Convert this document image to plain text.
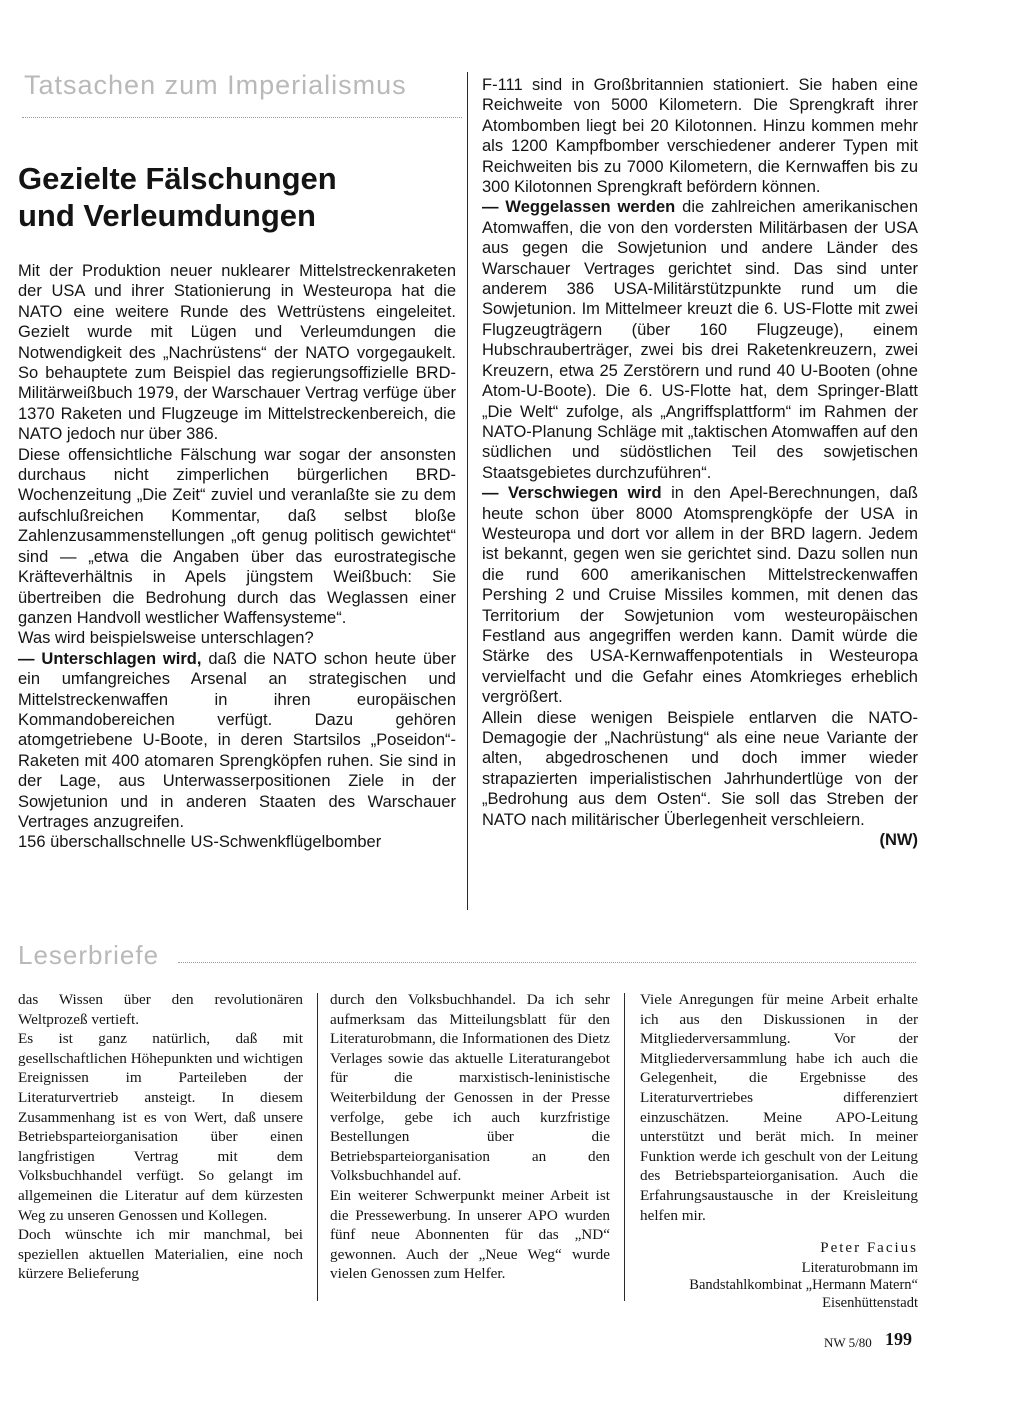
Tatsachen zum Imperialismus
Gezielte Fälschungen
und Verleumdungen

Mit der Produktion neuer nuklearer Mittelstreckenraketen der USA und ihrer Stationierung in Westeuropa hat die NATO eine weitere Runde des Wettrüstens eingeleitet. Gezielt wurde mit Lügen und Verleumdungen die Notwendigkeit des „Nachrüstens“ der NATO vorgegaukelt. So behauptete zum Beispiel das regierungsoffizielle BRD-Militärweißbuch 1979, der Warschauer Vertrag verfüge über 1370 Raketen und Flugzeuge im Mittelstreckenbereich, die NATO jedoch nur über 386.

Diese offensichtliche Fälschung war sogar der ansonsten durchaus nicht zimperlichen bürgerlichen BRD-Wochenzeitung „Die Zeit“ zuviel und veranlaßte sie zu dem aufschlußreichen Kommentar, daß selbst bloße Zahlenzusammenstellungen „oft genug politisch gewichtet“ sind — „etwa die Angaben über das eurostrategische Kräfteverhältnis in Apels jüngstem Weißbuch: Sie übertreiben die Bedrohung durch das Weglassen einer ganzen Handvoll westlicher Waffensysteme“.

Was wird beispielsweise unterschlagen?

— Unterschlagen wird, daß die NATO schon heute über ein umfangreiches Arsenal an strategischen und Mittelstreckenwaffen in ihren europäischen Kommandobereichen verfügt. Dazu gehören atomgetriebene U-Boote, in deren Startsilos „Poseidon“-Raketen mit 400 atomaren Sprengköpfen ruhen. Sie sind in der Lage, aus Unterwasserpositionen Ziele in der Sowjetunion und in anderen Staaten des Warschauer Vertrages anzugreifen.

156 überschallschnelle US-Schwenkflügelbomber

F-111 sind in Großbritannien stationiert. Sie haben eine Reichweite von 5000 Kilometern. Die Sprengkraft ihrer Atombomben liegt bei 20 Kilotonnen. Hinzu kommen mehr als 1200 Kampfbomber verschiedener anderer Typen mit Reichweiten bis zu 7000 Kilometern, die Kernwaffen bis zu 300 Kilotonnen Sprengkraft befördern können.

— Weggelassen werden die zahlreichen amerikanischen Atomwaffen, die von den vordersten Militärbasen der USA aus gegen die Sowjetunion und andere Länder des Warschauer Vertrages gerichtet sind. Das sind unter anderem 386 USA-Militärstützpunkte rund um die Sowjetunion. Im Mittelmeer kreuzt die 6. US-Flotte mit zwei Flugzeugträgern (über 160 Flugzeuge), einem Hubschrauberträger, zwei bis drei Raketenkreuzern, zwei Kreuzern, etwa 25 Zerstörern und rund 40 U-Booten (ohne Atom-U-Boote). Die 6. US-Flotte hat, dem Springer-Blatt „Die Welt“ zufolge, als „Angriffsplattform“ im Rahmen der NATO-Planung Schläge mit „taktischen Atomwaffen auf den südlichen und südöstlichen Teil des sowjetischen Staatsgebietes durchzuführen“.

— Verschwiegen wird in den Apel-Berechnungen, daß heute schon über 8000 Atomsprengköpfe der USA in Westeuropa und dort vor allem in der BRD lagern. Jedem ist bekannt, gegen wen sie gerichtet sind. Dazu sollen nun die rund 600 amerikanischen Mittelstreckenwaffen Pershing 2 und Cruise Missiles kommen, mit denen das Territorium der Sowjetunion vom westeuropäischen Festland aus angegriffen werden kann. Damit würde die Stärke des USA-Kernwaffenpotentials in Westeuropa vervielfacht und die Gefahr eines Atomkrieges erheblich vergrößert.

Allein diese wenigen Beispiele entlarven die NATO-Demagogie der „Nachrüstung“ als eine neue Variante der alten, abgedroschenen und doch immer wieder strapazierten imperialistischen Jahrhundertlüge von der „Bedrohung aus dem Osten“. Sie soll das Streben der NATO nach militärischer Überlegenheit verschleiern.

(NW)
Leserbriefe

das Wissen über den revolutionären Weltprozeß vertieft.

Es ist ganz natürlich, daß mit gesellschaftlichen Höhepunkten und wichtigen Ereignissen im Parteileben der Literaturvertrieb ansteigt. In diesem Zusammenhang ist es von Wert, daß unsere Betriebsparteiorganisation über einen langfristigen Vertrag mit dem Volksbuchhandel verfügt. So gelangt im allgemeinen die Literatur auf dem kürzesten Weg zu unseren Genossen und Kollegen.

Doch wünschte ich mir manchmal, bei speziellen aktuellen Materialien, eine noch kürzere Belieferung

durch den Volksbuchhandel. Da ich sehr aufmerksam das Mitteilungsblatt für den Literaturobmann, die Informationen des Dietz Verlages sowie das aktuelle Literaturangebot für die marxistisch-leninistische Weiterbildung der Genossen in der Presse verfolge, gebe ich auch kurzfristige Bestellungen über die Betriebsparteiorganisation an den Volksbuchhandel auf.

Ein weiterer Schwerpunkt meiner Arbeit ist die Pressewerbung. In unserer APO wurden fünf neue Abonnenten für das „ND“ gewonnen. Auch der „Neue Weg“ wurde vielen Genossen zum Helfer.

Viele Anregungen für meine Arbeit erhalte ich aus den Diskussionen in der Mitgliederversammlung. Vor der Mitgliederversammlung habe ich auch die Gelegenheit, die Ergebnisse des Literaturvertriebes differenziert einzuschätzen. Meine APO-Leitung unterstützt und berät mich. In meiner Funktion werde ich geschult von der Leitung des Betriebsparteiorganisation. Auch die Erfahrungsaustausche in der Kreisleitung helfen mir.

Peter Facius
Literaturobmann im
Bandstahlkombinat „Hermann Matern“
Eisenhüttenstadt
NW 5/80 199
